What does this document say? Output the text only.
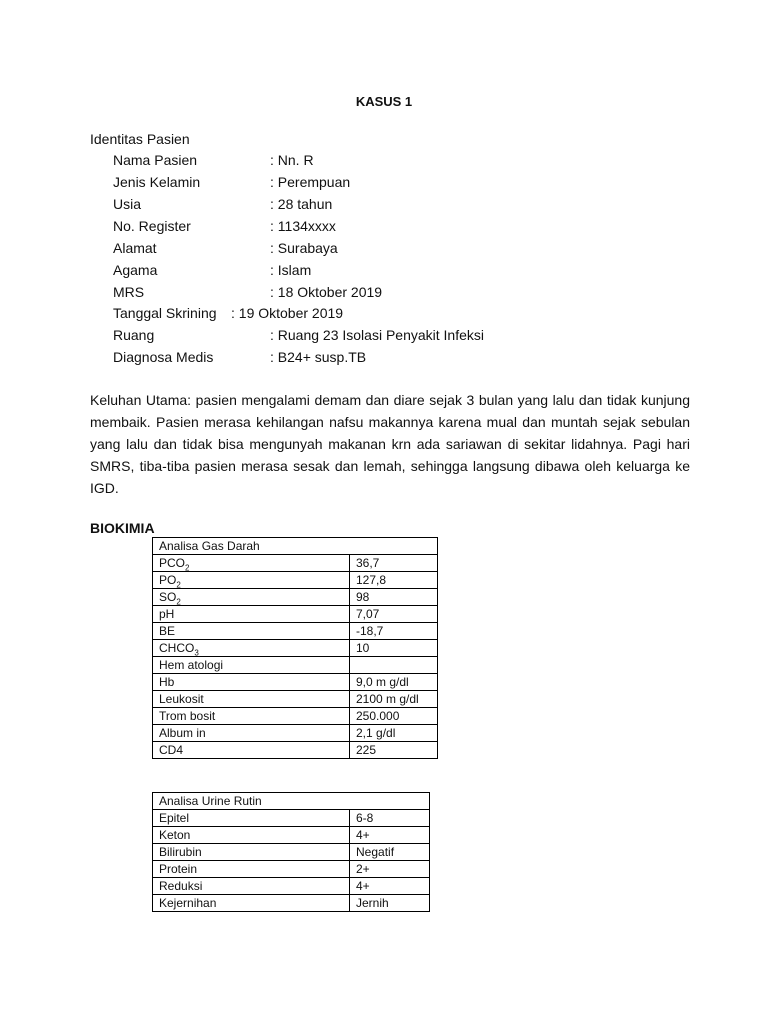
KASUS 1
Identitas Pasien
Nama Pasien	: Nn. R
Jenis Kelamin	: Perempuan
Usia	: 28 tahun
No. Register	: 1134xxxx
Alamat	: Surabaya
Agama	: Islam
MRS	: 18 Oktober 2019
Tanggal Skrining : 19 Oktober 2019
Ruang	: Ruang 23 Isolasi Penyakit Infeksi
Diagnosa Medis	: B24+ susp.TB

Keluhan Utama: pasien mengalami demam dan diare sejak 3 bulan yang lalu dan tidak kunjung membaik. Pasien merasa kehilangan nafsu makannya karena mual dan muntah sejak sebulan yang lalu dan tidak bisa mengunyah makanan krn ada sariawan di sekitar lidahnya. Pagi hari SMRS, tiba-tiba pasien merasa sesak dan lemah, sehingga langsung dibawa oleh keluarga ke IGD.

BIOKIMIA
Analisa Gas Darah	
$PCO_2$	36,7
$PO_2$	127,8
$SO_2$	98
pH	7,07
BE	-18,7
$CHCO_3$	10
Hem atologi	
Hb	9,0 m g/dl
Leukosit	2100 m g/dl
Trom bosit	250.000
Album in	2,1 g/dl
CD4	225
Analisa Urine Rutin	
Epitel	6-8
Keton	4+
Bilirubin	Negatif
Protein	2+
Reduksi	4+
Kejernihan	Jernih
